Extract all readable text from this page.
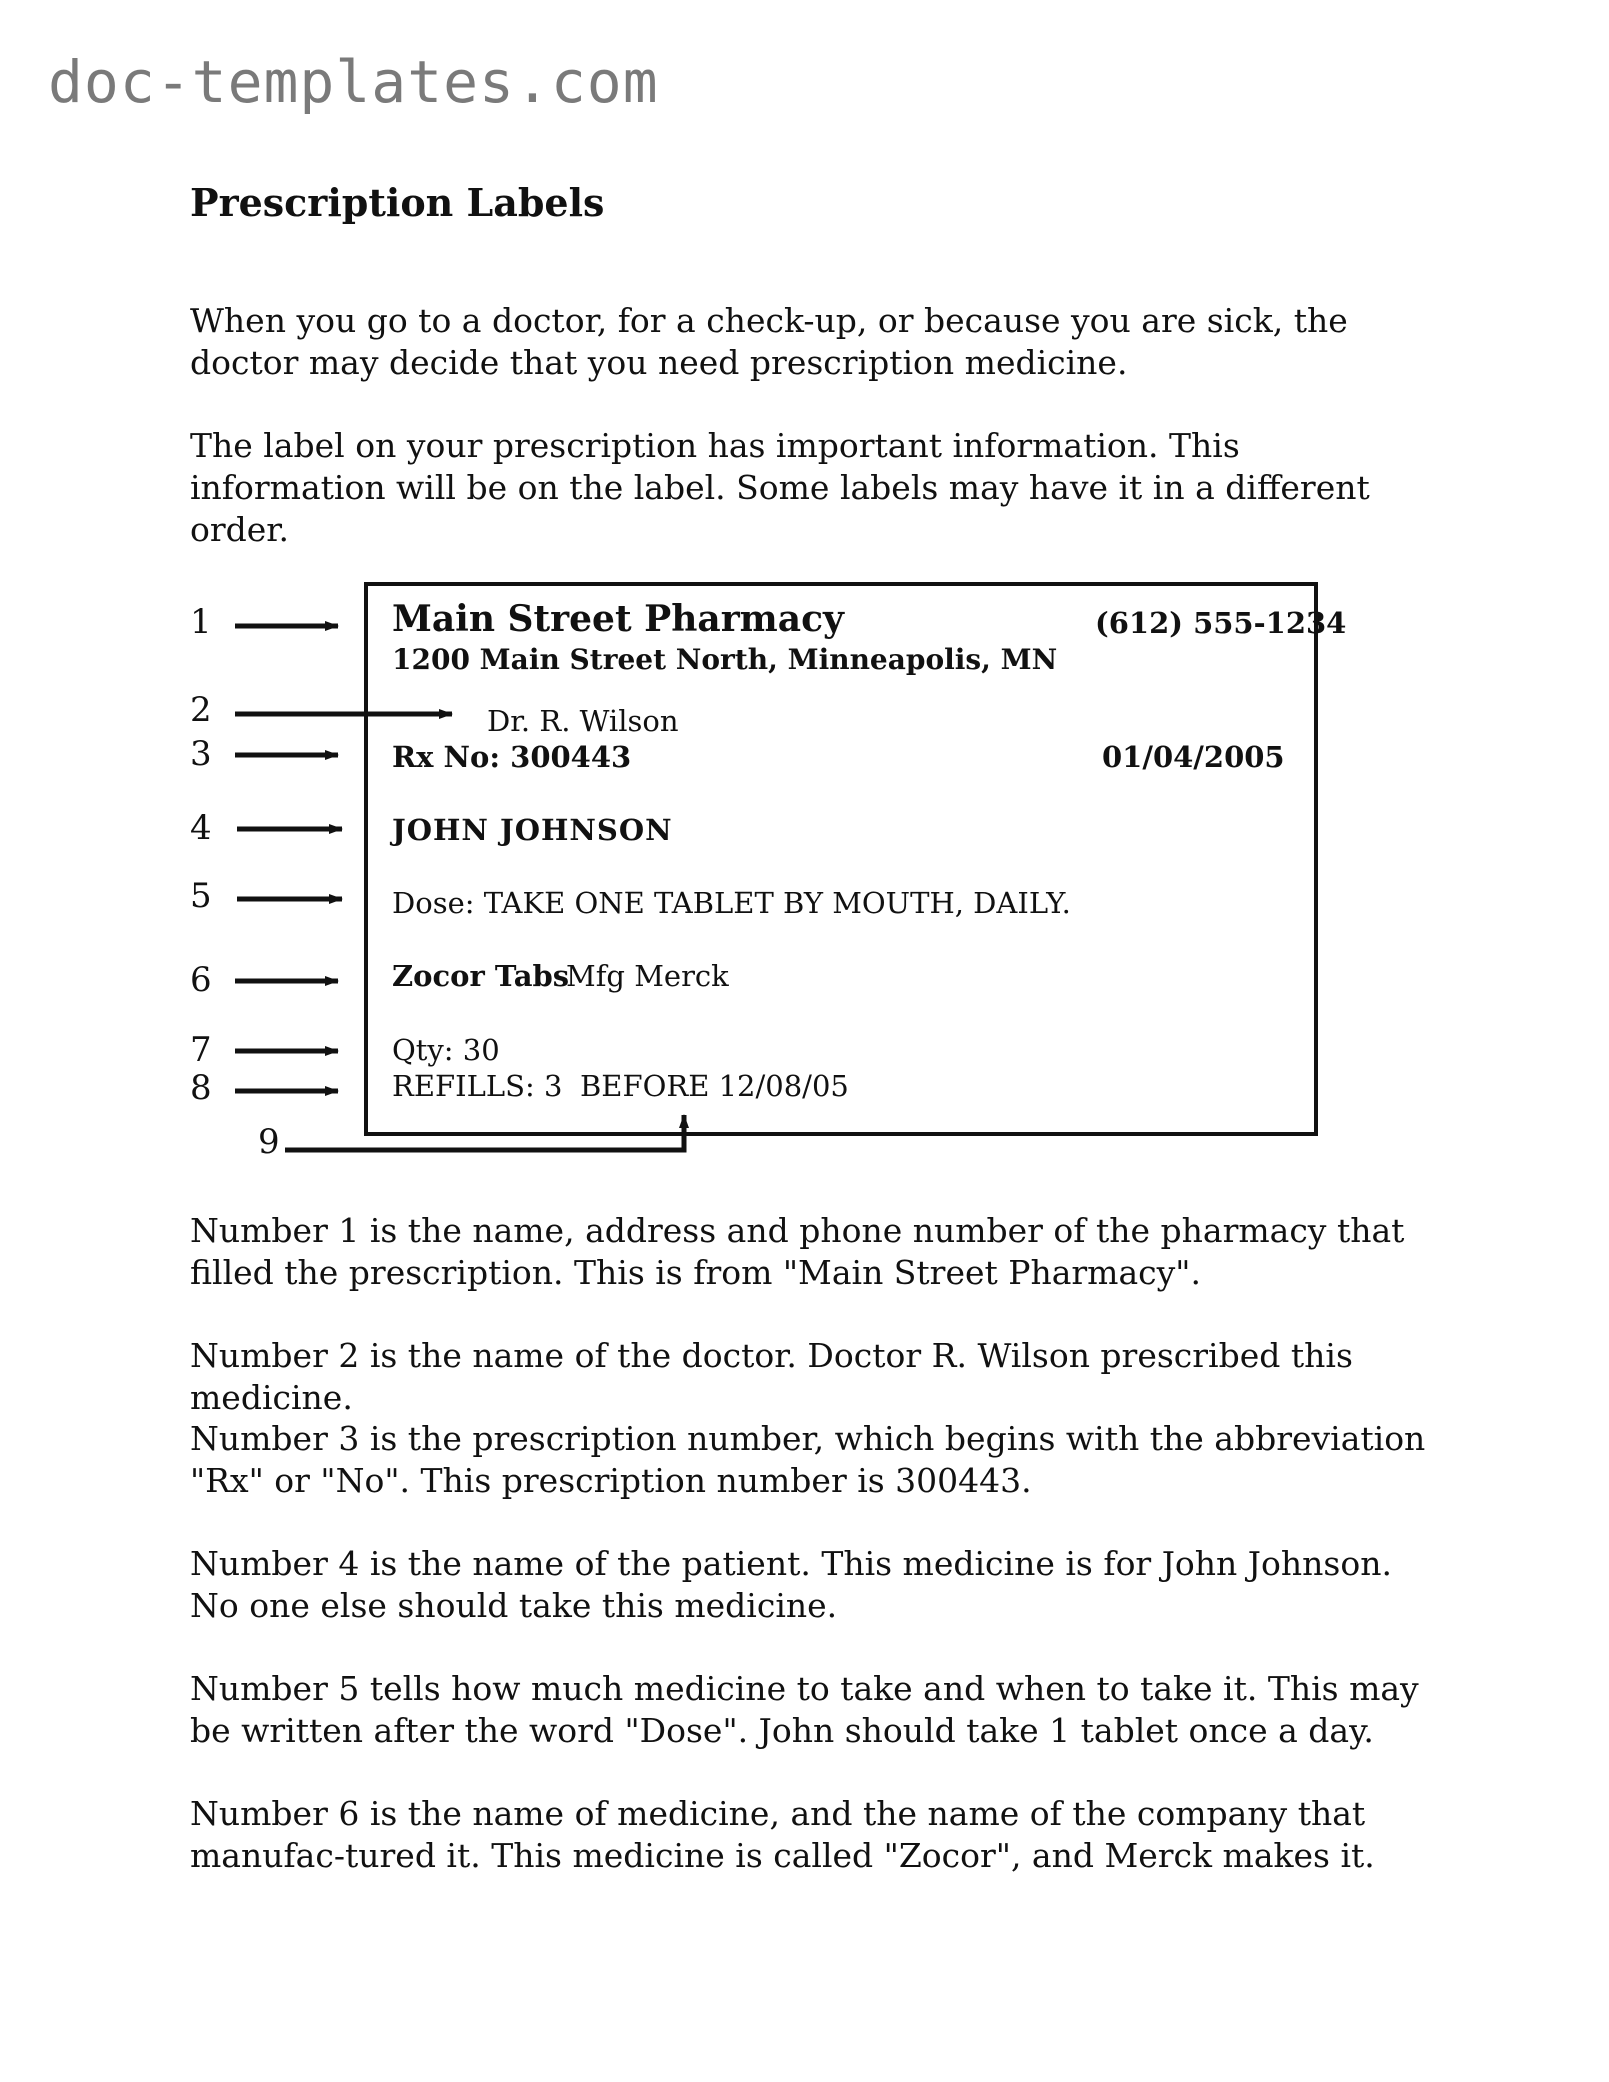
doc-templates.com
Prescription Labels

When you go to a doctor, for a check-up, or because you are sick, the doctor may decide that you need prescription medicine.

The label on your prescription has important information. This information will be on the label. Some labels may have it in a different order.

1
2
3
4
5
6
7
8
9
Main Street Pharmacy	(612) 555-1234
1200 Main Street North, Minneapolis, MN
Dr. R. Wilson
Rx No: 300443	01/04/2005
JOHN JOHNSON
Dose: TAKE ONE TABLET BY MOUTH, DAILY.
Zocor Tabs
Mfg Merck
Qty: 30
REFILLS: 3 BEFORE 12/08/05

Number 1 is the name, address and phone number of the pharmacy that filled the prescription. This is from "Main Street Pharmacy".

Number 2 is the name of the doctor. Doctor R. Wilson prescribed this medicine.

Number 3 is the prescription number, which begins with the abbreviation "Rx" or "No". This prescription number is 300443.

Number 4 is the name of the patient. This medicine is for John Johnson. No one else should take this medicine.

Number 5 tells how much medicine to take and when to take it. This may be written after the word "Dose". John should take 1 tablet once a day.

Number 6 is the name of medicine, and the name of the company that manufac-tured it. This medicine is called "Zocor", and Merck makes it.
